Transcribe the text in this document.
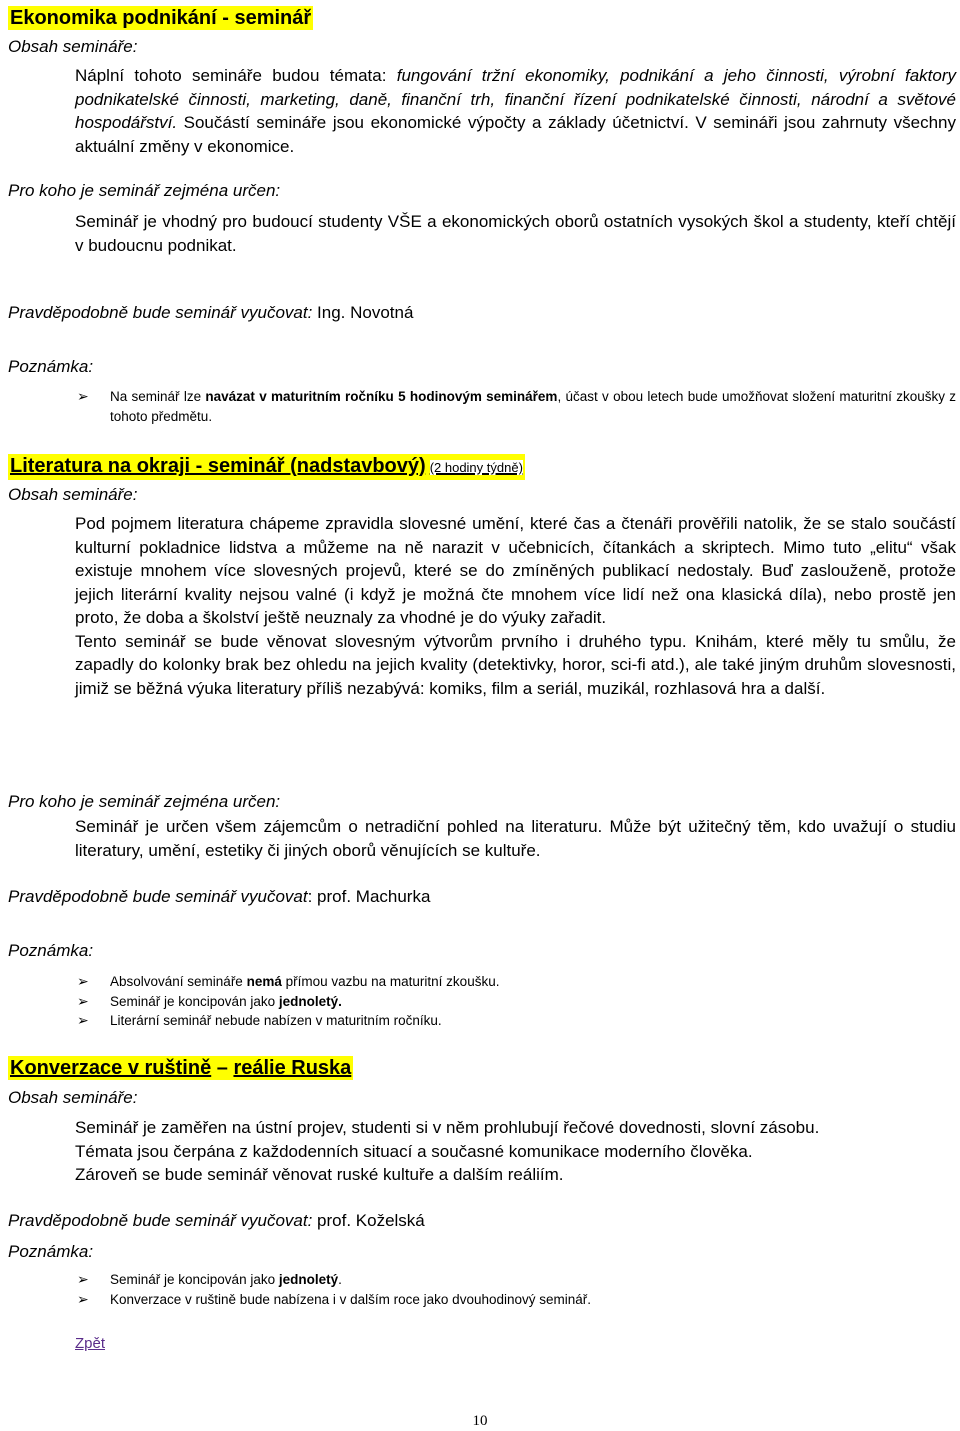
Ekonomika podnikání - seminář
Obsah semináře:
Náplní tohoto semináře budou témata: fungování tržní ekonomiky, podnikání a jeho činnosti, výrobní faktory podnikatelské činnosti, marketing, daně, finanční trh, finanční řízení podnikatelské činnosti, národní a světové hospodářství. Součástí semináře jsou ekonomické výpočty a základy účetnictví. V semináři jsou zahrnuty všechny aktuální změny v ekonomice.
Pro koho je seminář zejména určen:
Seminář je vhodný pro budoucí studenty VŠE a ekonomických oborů ostatních vysokých škol a studenty, kteří chtějí v budoucnu podnikat.
Pravděpodobně bude seminář vyučovat: Ing. Novotná
Poznámka:
➢ Na seminář lze navázat v maturitním ročníku 5 hodinovým seminářem, účast v obou letech bude umožňovat složení maturitní zkoušky z tohoto předmětu.
Literatura na okraji - seminář (nadstavbový) (2 hodiny týdně)
Obsah semináře:

Pod pojmem literatura chápeme zpravidla slovesné umění, které čas a čtenáři prověřili natolik, že se stalo součástí kulturní pokladnice lidstva a můžeme na ně narazit v učebnicích, čítankách a skriptech. Mimo tuto „elitu“ však existuje mnohem více slovesných projevů, které se do zmíněných publikací nedostaly. Buď zaslouženě, protože jejich literární kvality nejsou valné (i když je možná čte mnohem více lidí než ona klasická díla), nebo prostě jen proto, že doba a školství ještě neuznaly za vhodné je do výuky zařadit.

Tento seminář se bude věnovat slovesným výtvorům prvního i druhého typu. Knihám, které měly tu smůlu, že zapadly do kolonky brak bez ohledu na jejich kvality (detektivky, horor, sci-fi atd.), ale také jiným druhům slovesnosti, jimiž se běžná výuka literatury příliš nezabývá: komiks, film a seriál, muzikál, rozhlasová hra a další.

Pro koho je seminář zejména určen:
Seminář je určen všem zájemcům o netradiční pohled na literaturu. Může být užitečný těm, kdo uvažují o studiu literatury, umění, estetiky či jiných oborů věnujících se kultuře.
Pravděpodobně bude seminář vyučovat: prof. Machurka
Poznámka:
➢ Absolvování semináře nemá přímou vazbu na maturitní zkoušku.
➢ Seminář je koncipován jako jednoletý.
➢ Literární seminář nebude nabízen v maturitním ročníku.
Konverzace v ruštině – reálie Ruska
Obsah semináře:

Seminář je zaměřen na ústní projev, studenti si v něm prohlubují řečové dovednosti, slovní zásobu.

Témata jsou čerpána z každodenních situací a současné komunikace moderního člověka.

Zároveň se bude seminář věnovat ruské kultuře a dalším reáliím.

Pravděpodobně bude seminář vyučovat: prof. Koželská
Poznámka:
➢ Seminář je koncipován jako jednoletý.
➢ Konverzace v ruštině bude nabízena i v dalším roce jako dvouhodinový seminář.
Zpět
10
